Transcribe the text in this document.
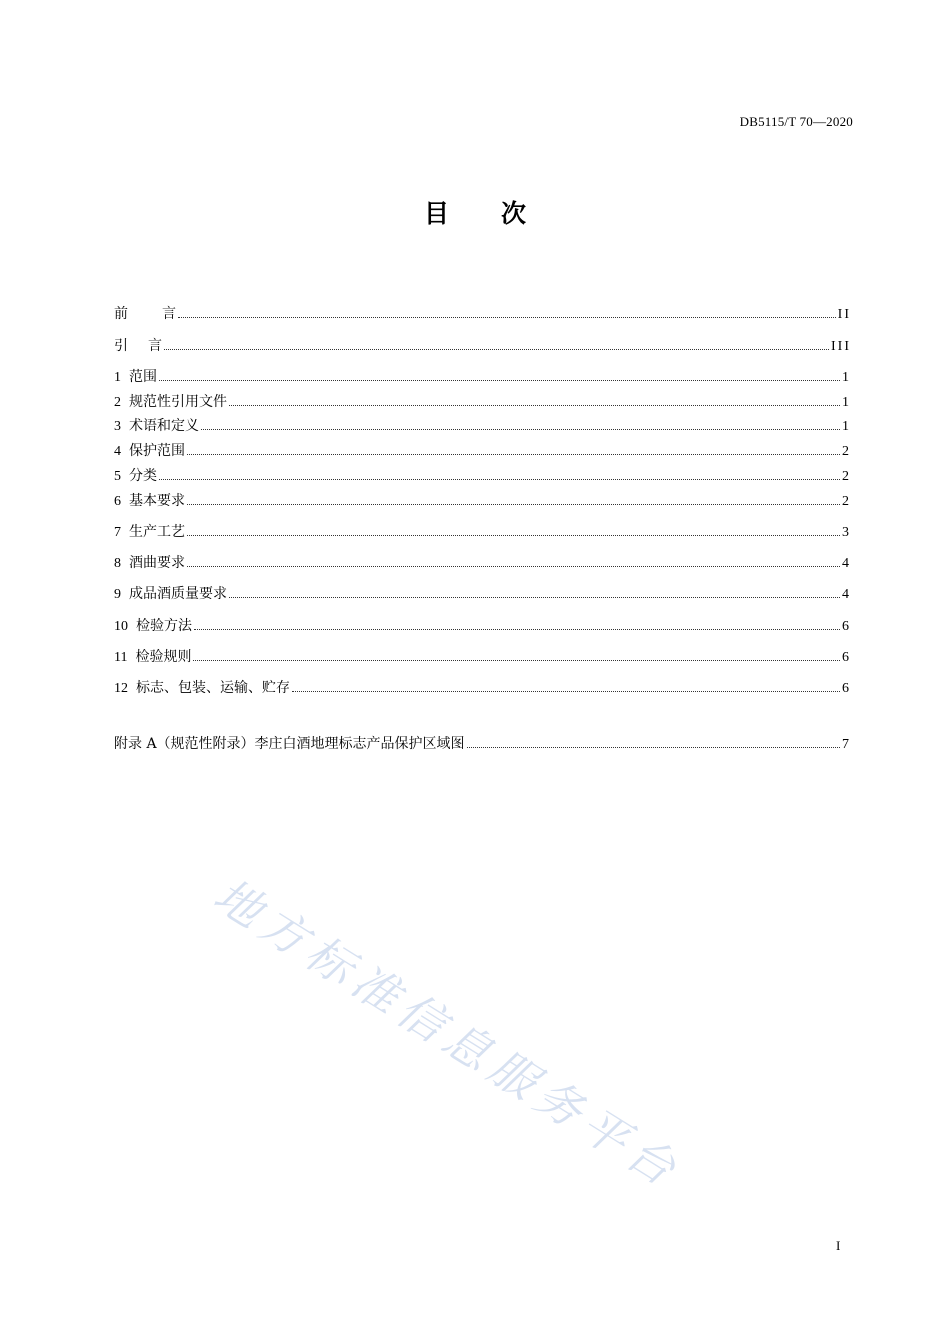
DB5115/T 70—2020
目 次
前 言	II
引 言	III
1 范围	1
2 规范性引用文件	1
3 术语和定义	1
4 保护范围	2
5 分类	2
6 基本要求	2
7 生产工艺	3
8 酒曲要求	4
9 成品酒质量要求	4
10 检验方法	6
11 检验规则	6
12 标志、包装、运输、贮存	6
附录 A（规范性附录）李庄白酒地理标志产品保护区域图	7
地方标准信息服务平台
I
